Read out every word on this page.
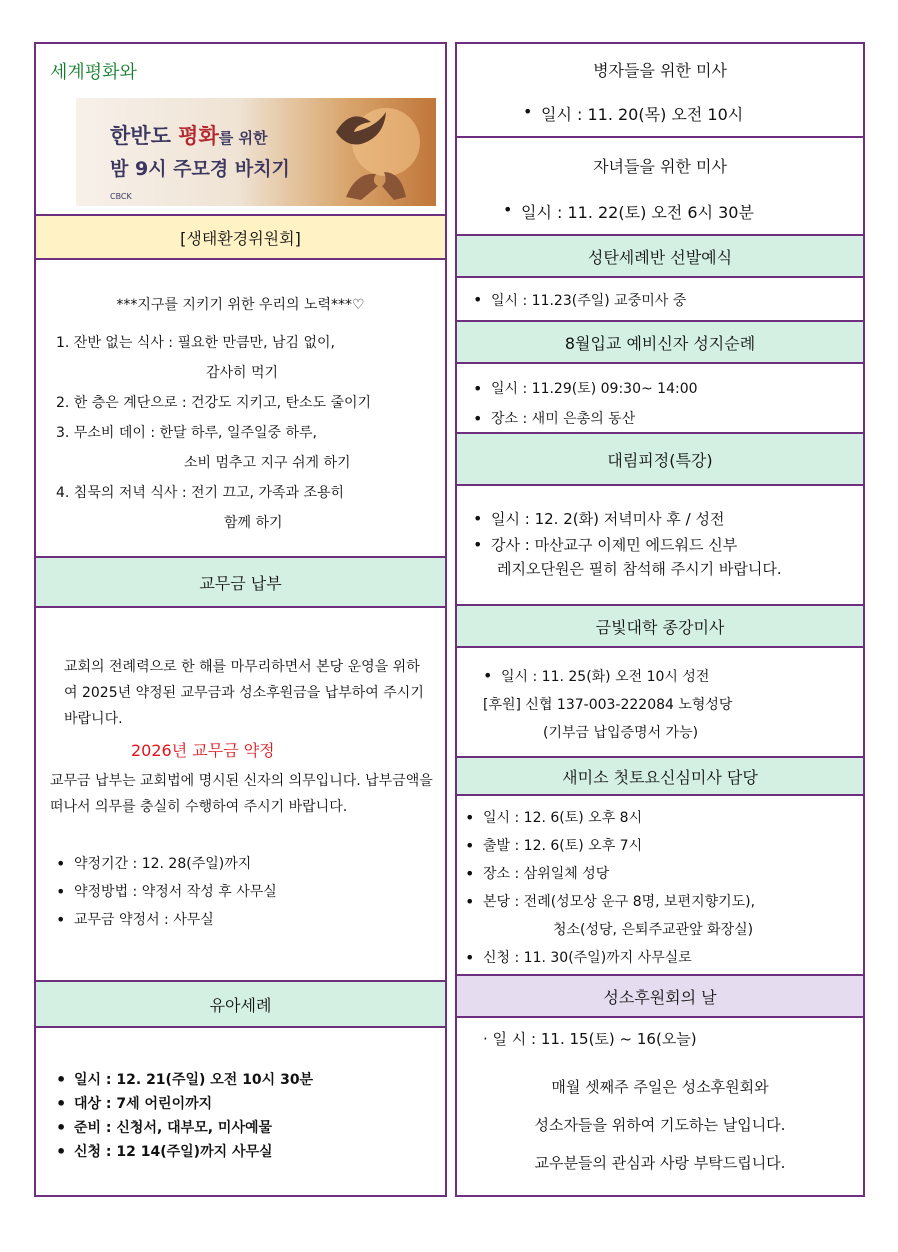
세계평화와
한반도 평화를 위한
밤 9시 주모경 바치기
CBCK
[생태환경위원회]
***지구를 지키기 위한 우리의 노력***♡
1. 잔반 없는 식사 : 필요한 만큼만, 남김 없이,
감사히 먹기
2. 한 층은 계단으로 : 건강도 지키고, 탄소도 줄이기
3. 무소비 데이 : 한달 하루, 일주일중 하루,
소비 멈추고 지구 쉬게 하기
4. 침묵의 저녁 식사 : 전기 끄고, 가족과 조용히
함께 하기
교무금 납부
교회의 전례력으로 한 해를 마무리하면서 본당 운영을 위하여 2025년 약정된 교무금과 성소후원금을 납부하여 주시기 바랍니다.
2026년 교무금 약정
교무금 납부는 교회법에 명시된 신자의 의무입니다. 납부금액을 떠나서 의무를 충실히 수행하여 주시기 바랍니다.
• 약정기간 : 12. 28(주일)까지
• 약정방법 : 약정서 작성 후 사무실
• 교무금 약정서 : 사무실
유아세례
• 일시 : 12. 21(주일) 오전 10시 30분
• 대상 : 7세 어린이까지
• 준비 : 신청서, 대부모, 미사예물
• 신청 : 12 14(주일)까지 사무실
병자들을 위한 미사
• 일시 : 11. 20(목) 오전 10시
자녀들을 위한 미사
• 일시 : 11. 22(토) 오전 6시 30분
성탄세례반 선발예식
• 일시 : 11.23(주일) 교중미사 중
8월입교 예비신자 성지순례
• 일시 : 11.29(토) 09:30~ 14:00
• 장소 : 새미 은총의 동산
대림피정(특강)
• 일시 : 12. 2(화) 저녁미사 후 / 성전
• 강사 : 마산교구 이제민 에드워드 신부
레지오단원은 필히 참석해 주시기 바랍니다.
금빛대학 종강미사
• 일시 : 11. 25(화) 오전 10시 성전
[후원] 신협 137-003-222084 노형성당
(기부금 납입증명서 가능)
새미소 첫토요신심미사 담당
• 일시 : 12. 6(토) 오후 8시
• 출발 : 12. 6(토) 오후 7시
• 장소 : 삼위일체 성당
• 본당 : 전례(성모상 운구 8명, 보편지향기도),
청소(성당, 은퇴주교관앞 화장실)
• 신청 : 11. 30(주일)까지 사무실로
성소후원회의 날
· 일 시 : 11. 15(토) ~ 16(오늘)
매월 셋째주 주일은 성소후원회와
성소자들을 위하여 기도하는 날입니다.
교우분들의 관심과 사랑 부탁드립니다.
